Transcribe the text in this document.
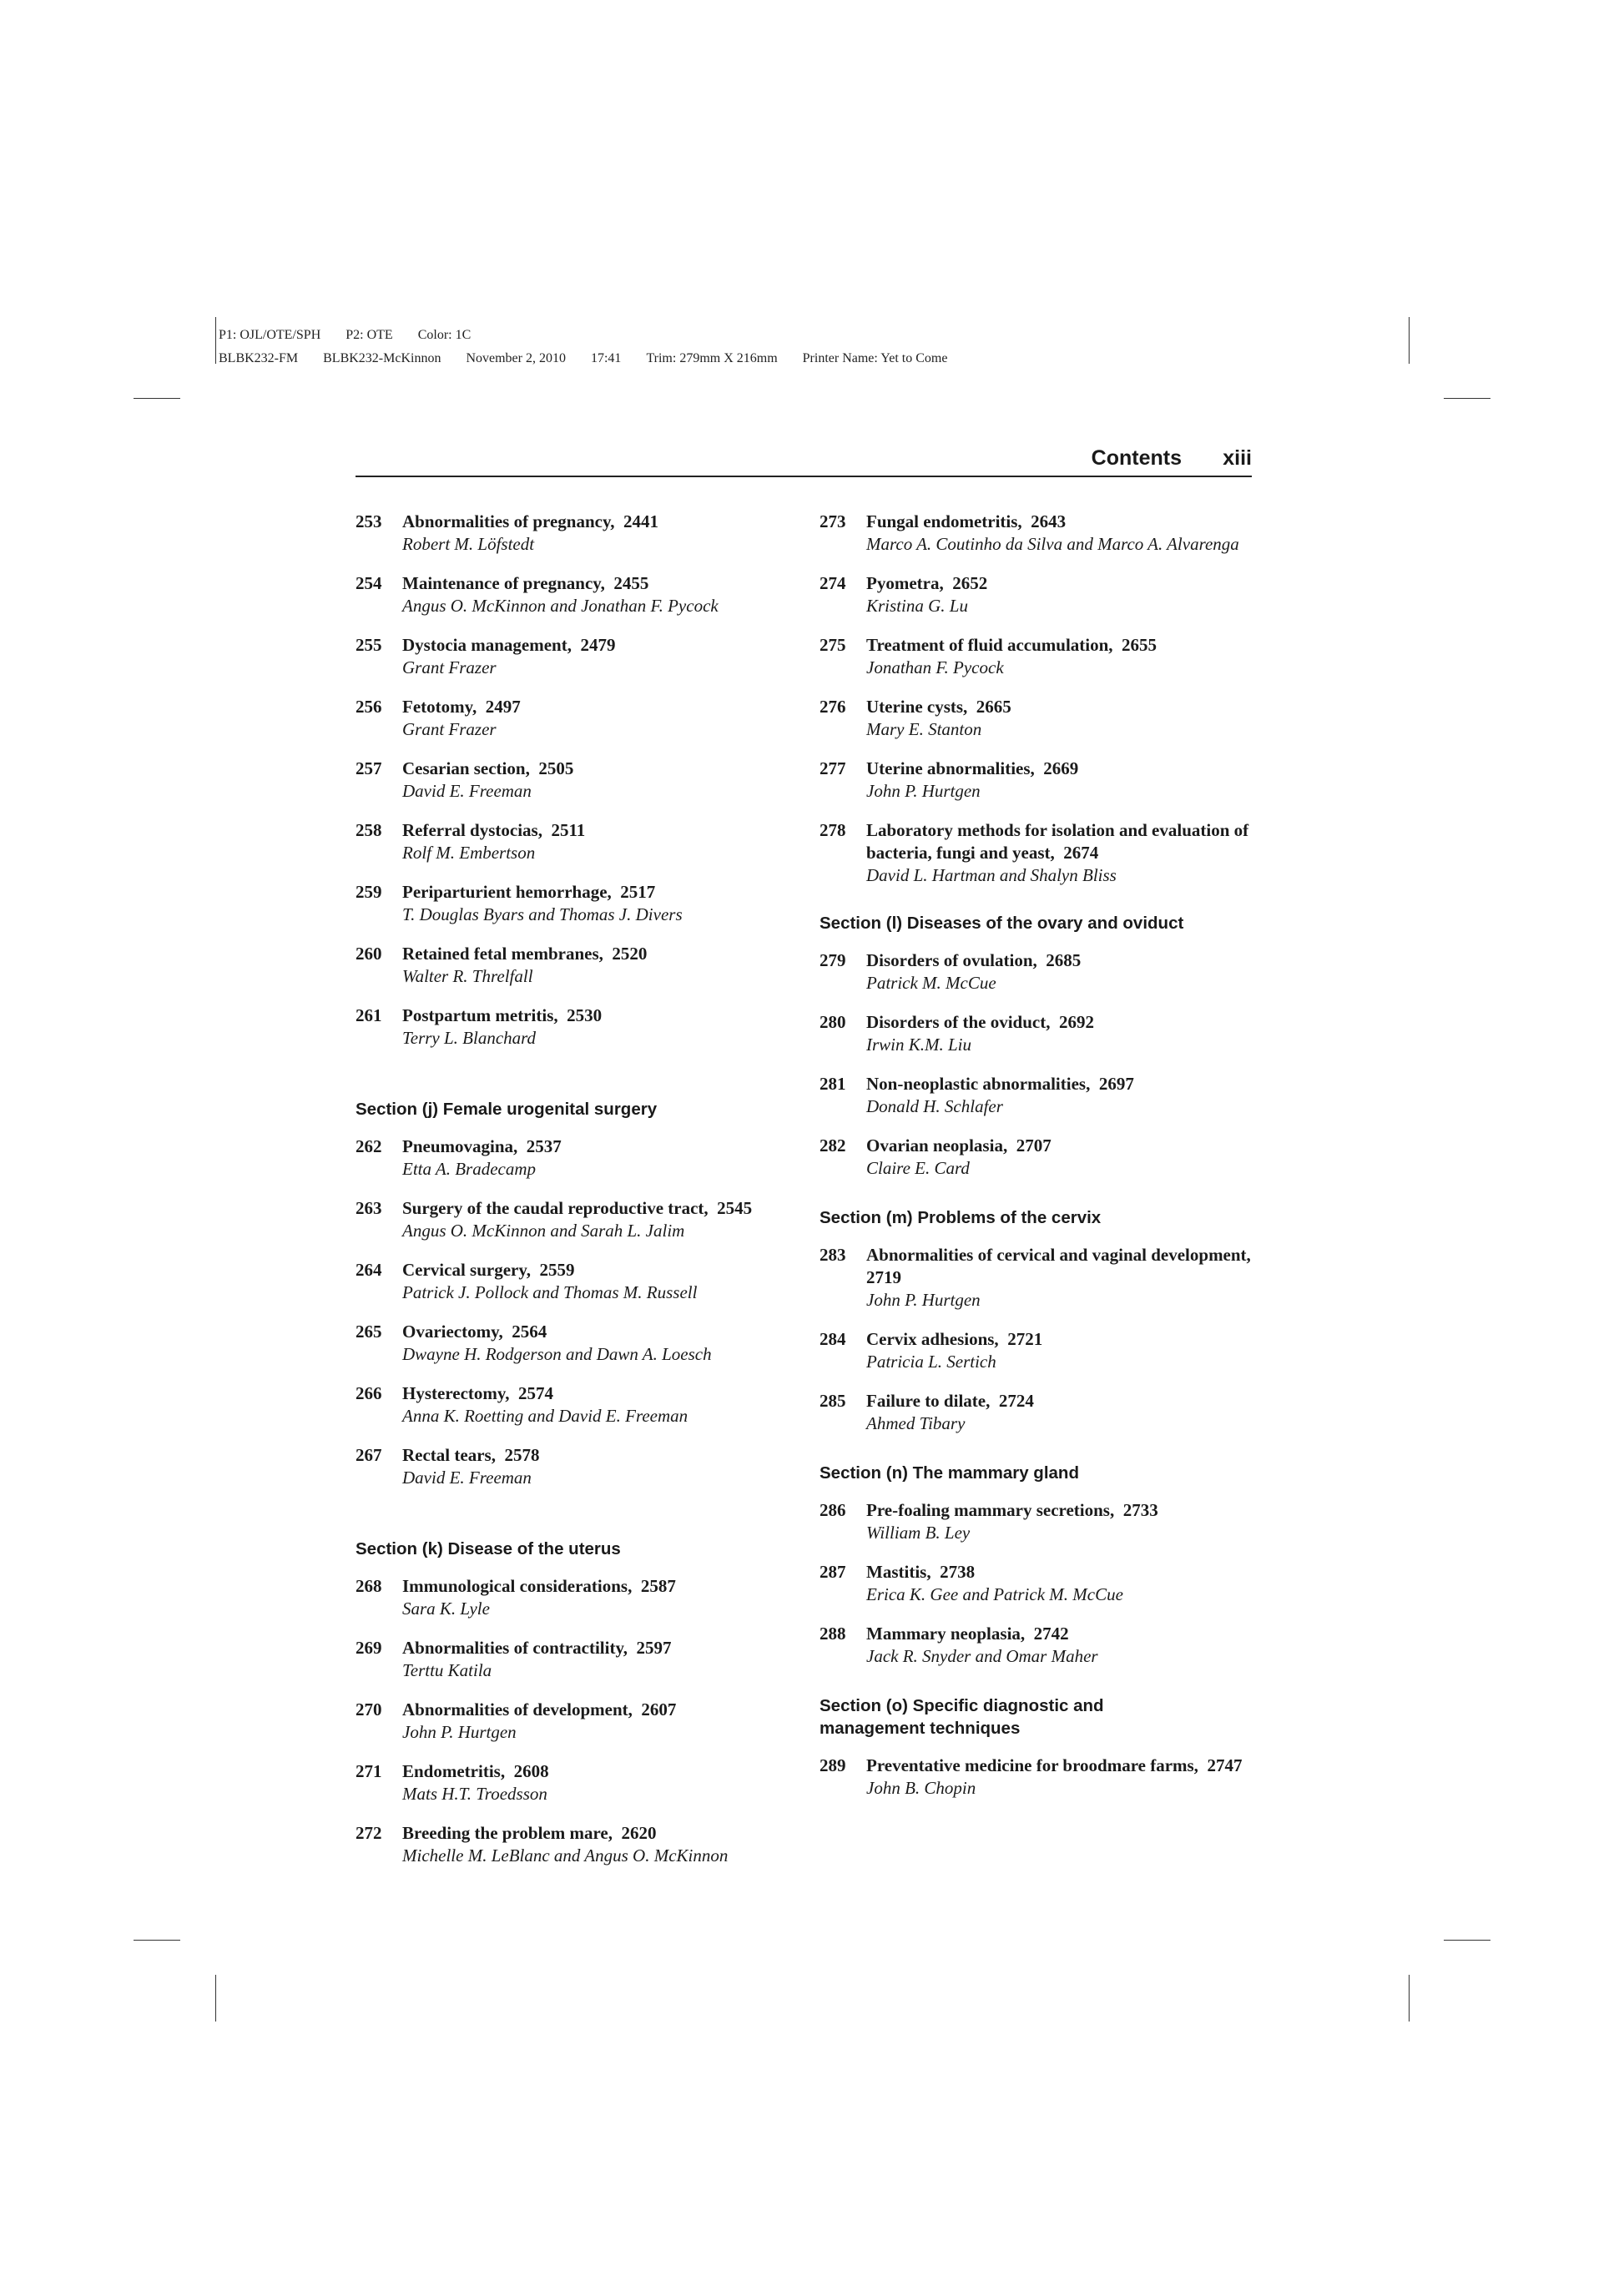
P1: OJL/OTE/SPH P2: OTE Color: 1C
BLBK232-FM BLBK232-McKinnon November 2, 2010 17:41 Trim: 279mm X 216mm Printer Name: Yet to Come
Contents xiii
253	Abnormalities of pregnancy, 2441
Robert M. Löfstedt
254	Maintenance of pregnancy, 2455
Angus O. McKinnon and Jonathan F. Pycock
255	Dystocia management, 2479
Grant Frazer
256	Fetotomy, 2497
Grant Frazer
257	Cesarian section, 2505
David E. Freeman
258	Referral dystocias, 2511
Rolf M. Embertson
259	Periparturient hemorrhage, 2517
T. Douglas Byars and Thomas J. Divers
260	Retained fetal membranes, 2520
Walter R. Threlfall
261	Postpartum metritis, 2530
Terry L. Blanchard
Section (j) Female urogenital surgery
262	Pneumovagina, 2537
Etta A. Bradecamp
263	Surgery of the caudal reproductive tract, 2545
Angus O. McKinnon and Sarah L. Jalim
264	Cervical surgery, 2559
Patrick J. Pollock and Thomas M. Russell
265	Ovariectomy, 2564
Dwayne H. Rodgerson and Dawn A. Loesch
266	Hysterectomy, 2574
Anna K. Roetting and David E. Freeman
267	Rectal tears, 2578
David E. Freeman
Section (k) Disease of the uterus
268	Immunological considerations, 2587
Sara K. Lyle
269	Abnormalities of contractility, 2597
Terttu Katila
270	Abnormalities of development, 2607
John P. Hurtgen
271	Endometritis, 2608
Mats H.T. Troedsson
272	Breeding the problem mare, 2620
Michelle M. LeBlanc and Angus O. McKinnon
273	Fungal endometritis, 2643
Marco A. Coutinho da Silva and Marco A. Alvarenga
274	Pyometra, 2652
Kristina G. Lu
275	Treatment of fluid accumulation, 2655
Jonathan F. Pycock
276	Uterine cysts, 2665
Mary E. Stanton
277	Uterine abnormalities, 2669
John P. Hurtgen
278	Laboratory methods for isolation and evaluation of bacteria, fungi and yeast, 2674
David L. Hartman and Shalyn Bliss
Section (l) Diseases of the ovary and oviduct
279	Disorders of ovulation, 2685
Patrick M. McCue
280	Disorders of the oviduct, 2692
Irwin K.M. Liu
281	Non-neoplastic abnormalities, 2697
Donald H. Schlafer
282	Ovarian neoplasia, 2707
Claire E. Card
Section (m) Problems of the cervix
283	Abnormalities of cervical and vaginal development,  2719
John P. Hurtgen
284	Cervix adhesions, 2721
Patricia L. Sertich
285	Failure to dilate, 2724
Ahmed Tibary
Section (n) The mammary gland
286	Pre-foaling mammary secretions, 2733
William B. Ley
287	Mastitis, 2738
Erica K. Gee and Patrick M. McCue
288	Mammary neoplasia, 2742
Jack R. Snyder and Omar Maher
Section (o) Specific diagnostic and management techniques
289	Preventative medicine for broodmare farms, 2747
John B. Chopin
